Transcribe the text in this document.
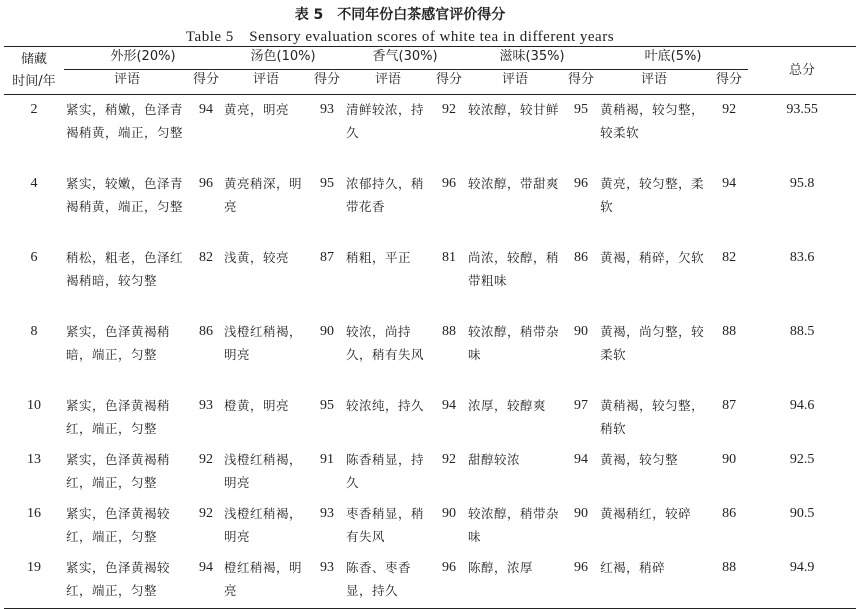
表 5　不同年份白茶感官评价得分
Table 5　Sensory evaluation scores of white tea in different years
储藏
时间/年	外形(20%)		汤色(10%)		香气(30%)		滋味(35%)		叶底(5%)		总分
	评语	得分	评语	得分	评语	得分	评语	得分	评语	得分	
2	紧实，稍嫩，色泽青褐稍黄，端正，匀整	94	黄亮，明亮	93	清鲜较浓，持久	92	较浓醇，较甘鲜	95	黄稍褐，较匀整，较柔软	92	93.55
4	紧实，较嫩，色泽青褐稍黄，端正，匀整	96	黄亮稍深，明亮	95	浓郁持久，稍带花香	96	较浓醇，带甜爽	96	黄亮，较匀整，柔软	94	95.8
6	稍松，粗老，色泽红褐稍暗，较匀整	82	浅黄，较亮	87	稍粗，平正	81	尚浓，较醇，稍带粗味	86	黄褐，稍碎，欠软	82	83.6
8	紧实，色泽黄褐稍暗，端正，匀整	86	浅橙红稍褐，明亮	90	较浓，尚持久，稍有失风	88	较浓醇，稍带杂味	90	黄褐，尚匀整，较柔软	88	88.5
10	紧实，色泽黄褐稍红，端正，匀整	93	橙黄，明亮	95	较浓纯，持久	94	浓厚，较醇爽	97	黄稍褐，较匀整，稍软	87	94.6
13	紧实，色泽黄褐稍红，端正，匀整	92	浅橙红稍褐，明亮	91	陈香稍显，持久	92	甜醇较浓	94	黄褐，较匀整	90	92.5
16	紧实，色泽黄褐较红，端正，匀整	92	浅橙红稍褐，明亮	93	枣香稍显，稍有失风	90	较浓醇，稍带杂味	90	黄褐稍红，较碎	86	90.5
19	紧实，色泽黄褐较红，端正，匀整	94	橙红稍褐，明亮	93	陈香、枣香显，持久	96	陈醇，浓厚	96	红褐，稍碎	88	94.9
